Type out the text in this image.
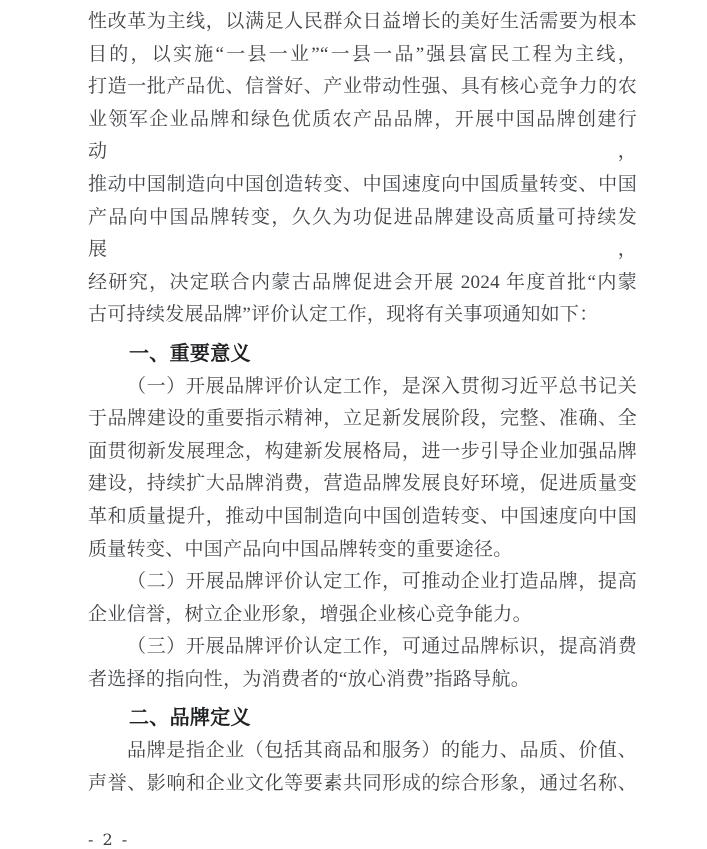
性改革为主线，以满足人民群众日益增长的美好生活需要为根本
目的，以实施“一县一业”“一县一品”强县富民工程为主线，
打造一批产品优、信誉好、产业带动性强、具有核心竞争力的农
业领军企业品牌和绿色优质农产品品牌，开展中国品牌创建行动，
推动中国制造向中国创造转变、中国速度向中国质量转变、中国
产品向中国品牌转变，久久为功促进品牌建设高质量可持续发展，
经研究，决定联合内蒙古品牌促进会开展 2024 年度首批“内蒙
古可持续发展品牌”评价认定工作，现将有关事项通知如下：
一、重要意义
（一）开展品牌评价认定工作，是深入贯彻习近平总书记关
于品牌建设的重要指示精神，立足新发展阶段，完整、准确、全
面贯彻新发展理念，构建新发展格局，进一步引导企业加强品牌
建设，持续扩大品牌消费，营造品牌发展良好环境，促进质量变
革和质量提升，推动中国制造向中国创造转变、中国速度向中国
质量转变、中国产品向中国品牌转变的重要途径。
（二）开展品牌评价认定工作，可推动企业打造品牌，提高
企业信誉，树立企业形象，增强企业核心竞争能力。
（三）开展品牌评价认定工作，可通过品牌标识，提高消费
者选择的指向性，为消费者的“放心消费”指路导航。
二、品牌定义
品牌是指企业（包括其商品和服务）的能力、品质、价值、
声誉、影响和企业文化等要素共同形成的综合形象，通过名称、
- 2 -
